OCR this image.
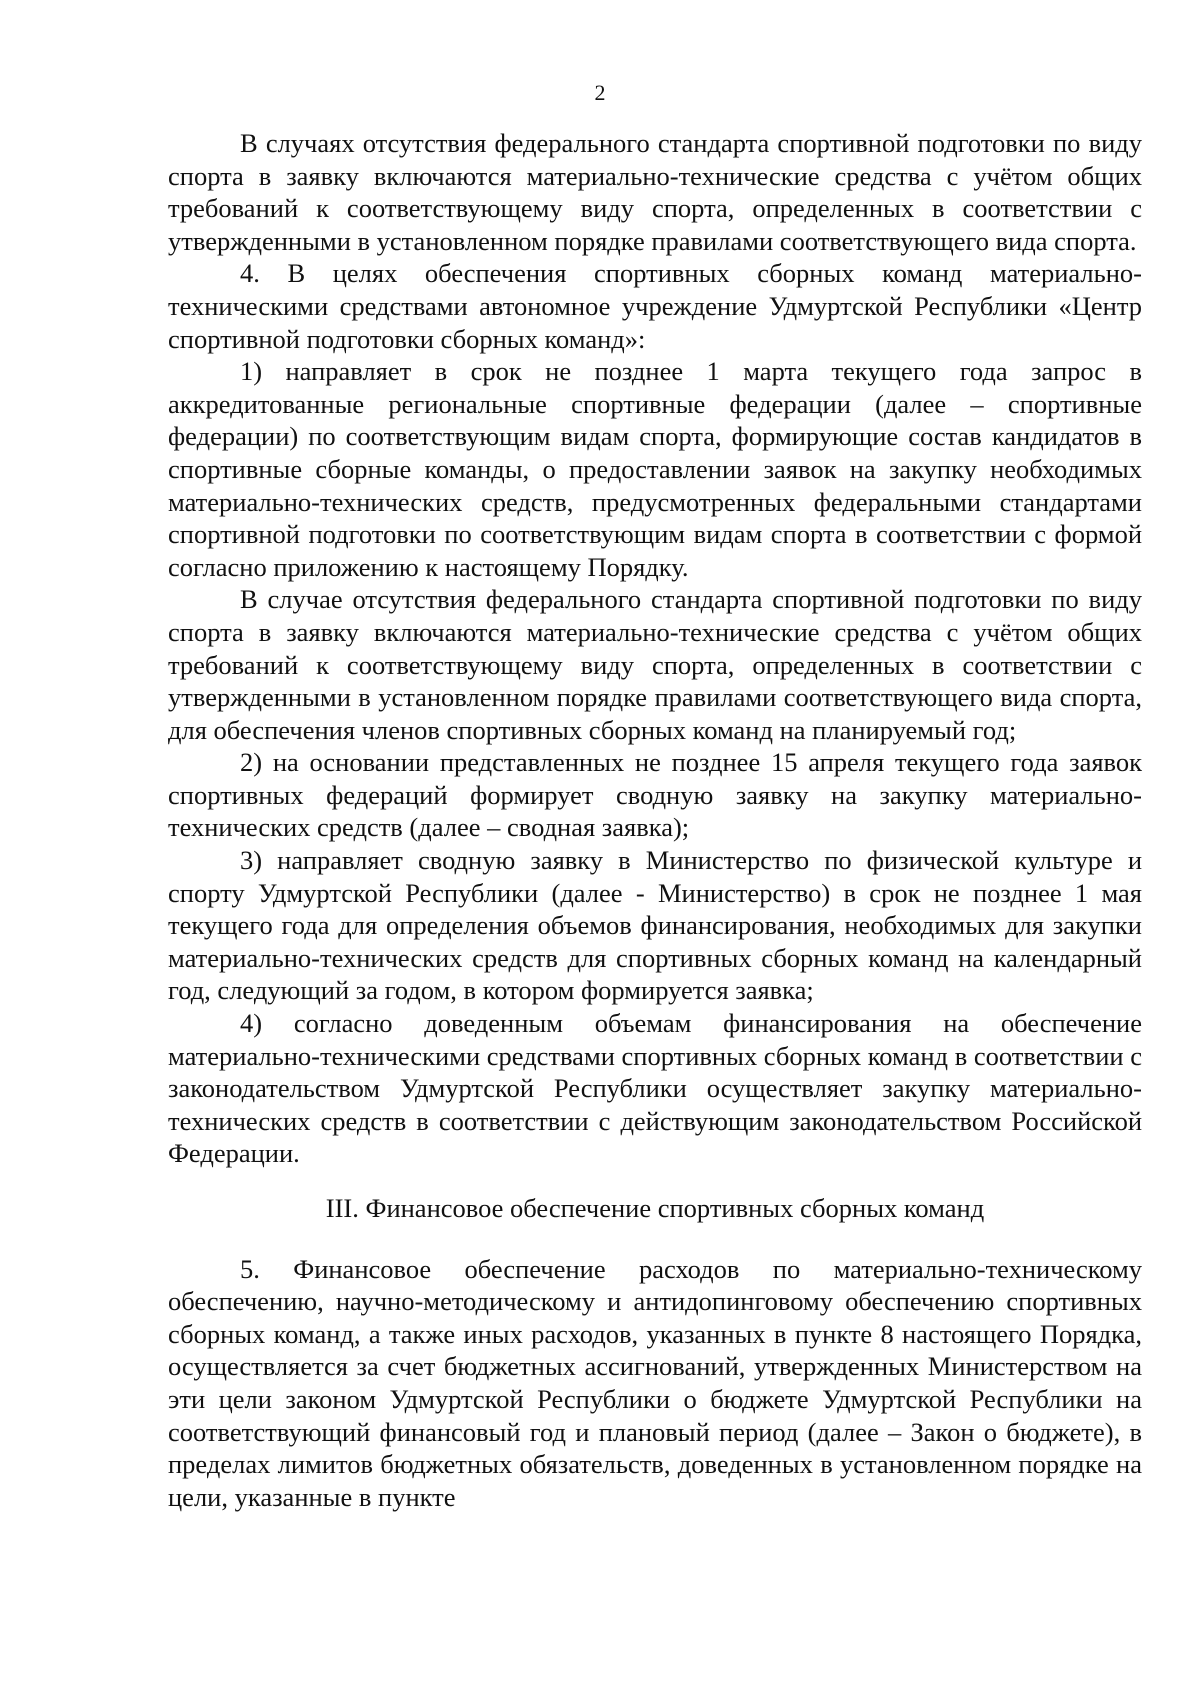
2

В случаях отсутствия федерального стандарта спортивной подготовки по виду спорта в заявку включаются материально-технические средства с учётом общих требований к соответствующему виду спорта, определенных в соответствии с утвержденными в установленном порядке правилами соответствующего вида спорта.

4. В целях обеспечения спортивных сборных команд материально-техническими средствами автономное учреждение Удмуртской Республики «Центр спортивной подготовки сборных команд»:

1) направляет в срок не позднее 1 марта текущего года запрос в аккредитованные региональные спортивные федерации (далее – спортивные федерации) по соответствующим видам спорта, формирующие состав кандидатов в спортивные сборные команды, о предоставлении заявок на закупку необходимых материально-технических средств, предусмотренных федеральными стандартами спортивной подготовки по соответствующим видам спорта в соответствии с формой согласно приложению к настоящему Порядку.

В случае отсутствия федерального стандарта спортивной подготовки по виду спорта в заявку включаются материально-технические средства с учётом общих требований к соответствующему виду спорта, определенных в соответствии с утвержденными в установленном порядке правилами соответствующего вида спорта, для обеспечения членов спортивных сборных команд на планируемый год;

2) на основании представленных не позднее 15 апреля текущего года заявок спортивных федераций формирует сводную заявку на закупку материально-технических средств (далее – сводная заявка);

3) направляет сводную заявку в Министерство по физической культуре и спорту Удмуртской Республики (далее - Министерство) в срок не позднее 1 мая текущего года для определения объемов финансирования, необходимых для закупки материально-технических средств для спортивных сборных команд на календарный год, следующий за годом, в котором формируется заявка;

4) согласно доведенным объемам финансирования на обеспечение материально-техническими средствами спортивных сборных команд в соответствии с законодательством Удмуртской Республики осуществляет закупку материально-технических средств в соответствии с действующим законодательством Российской Федерации.

III. Финансовое обеспечение спортивных сборных команд

5. Финансовое обеспечение расходов по материально-техническому обеспечению, научно-методическому и антидопинговому обеспечению спортивных сборных команд, а также иных расходов, указанных в пункте 8 настоящего Порядка, осуществляется за счет бюджетных ассигнований, утвержденных Министерством на эти цели законом Удмуртской Республики о бюджете Удмуртской Республики на соответствующий финансовый год и плановый период (далее – Закон о бюджете), в пределах лимитов бюджетных обязательств, доведенных в установленном порядке на цели, указанные в пункте
